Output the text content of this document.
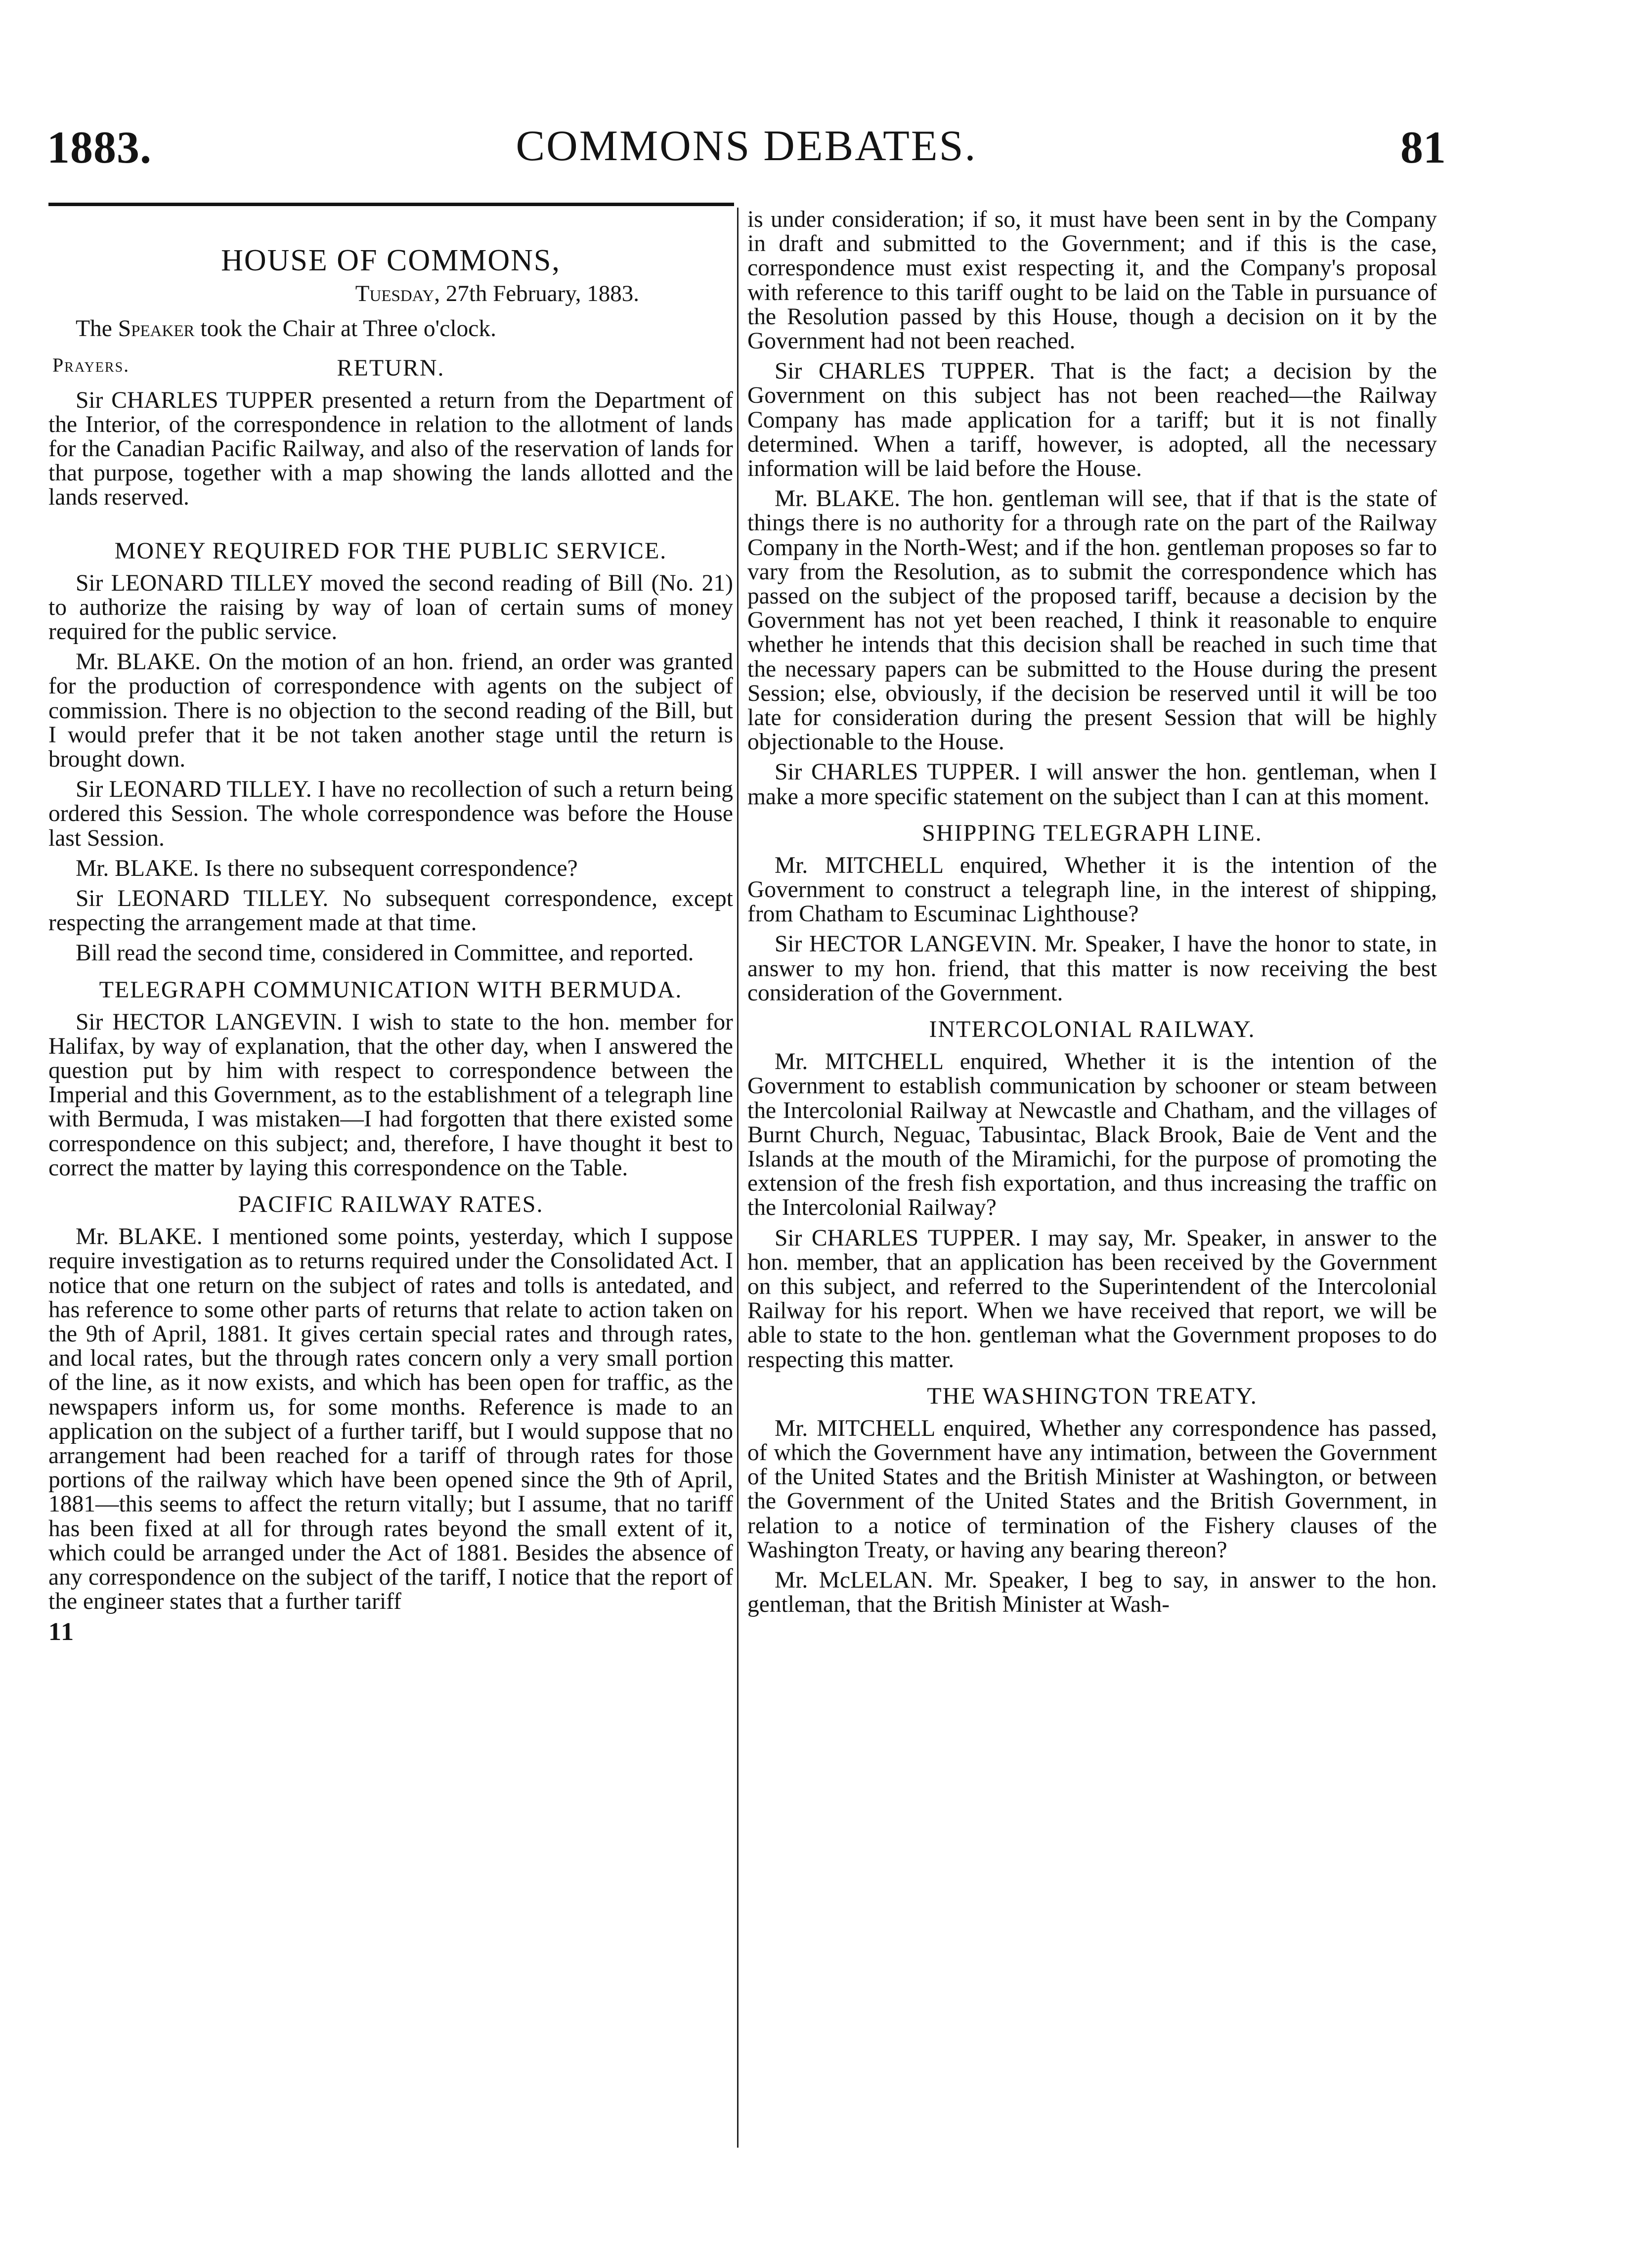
1883.	COMMONS DEBATES.	81
HOUSE OF COMMONS,
Tuesday, 27th February, 1883.

The Speaker took the Chair at Three o'clock.

Prayers.	RETURN.

Sir CHARLES TUPPER presented a return from the Department of the Interior, of the correspondence in relation to the allotment of lands for the Canadian Pacific Railway, and also of the reservation of lands for that purpose, together with a map showing the lands allotted and the lands reserved.

MONEY REQUIRED FOR THE PUBLIC SERVICE.

Sir LEONARD TILLEY moved the second reading of Bill (No. 21) to authorize the raising by way of loan of certain sums of money required for the public service.

Mr. BLAKE. On the motion of an hon. friend, an order was granted for the production of correspondence with agents on the subject of commission. There is no objection to the second reading of the Bill, but I would prefer that it be not taken another stage until the return is brought down.

Sir LEONARD TILLEY. I have no recollection of such a return being ordered this Session. The whole correspondence was before the House last Session.

Mr. BLAKE. Is there no subsequent correspondence?

Sir LEONARD TILLEY. No subsequent correspondence, except respecting the arrangement made at that time.

Bill read the second time, considered in Committee, and reported.

TELEGRAPH COMMUNICATION WITH BERMUDA.

Sir HECTOR LANGEVIN. I wish to state to the hon. member for Halifax, by way of explanation, that the other day, when I answered the question put by him with respect to correspondence between the Imperial and this Government, as to the establishment of a telegraph line with Bermuda, I was mistaken—I had forgotten that there existed some correspondence on this subject; and, therefore, I have thought it best to correct the matter by laying this correspondence on the Table.

PACIFIC RAILWAY RATES.

Mr. BLAKE. I mentioned some points, yesterday, which I suppose require investigation as to returns required under the Consolidated Act. I notice that one return on the subject of rates and tolls is antedated, and has reference to some other parts of returns that relate to action taken on the 9th of April, 1881. It gives certain special rates and through rates, and local rates, but the through rates concern only a very small portion of the line, as it now exists, and which has been open for traffic, as the newspapers inform us, for some months. Reference is made to an application on the subject of a further tariff, but I would suppose that no arrangement had been reached for a tariff of through rates for those portions of the railway which have been opened since the 9th of April, 1881—this seems to affect the return vitally; but I assume, that no tariff has been fixed at all for through rates beyond the small extent of it, which could be arranged under the Act of 1881. Besides the absence of any correspondence on the subject of the tariff, I notice that the report of the engineer states that a further tariff

11

is under consideration; if so, it must have been sent in by the Company in draft and submitted to the Government; and if this is the case, correspondence must exist respecting it, and the Company's proposal with reference to this tariff ought to be laid on the Table in pursuance of the Resolution passed by this House, though a decision on it by the Government had not been reached.

Sir CHARLES TUPPER. That is the fact; a decision by the Government on this subject has not been reached—the Railway Company has made application for a tariff; but it is not finally determined. When a tariff, however, is adopted, all the necessary information will be laid before the House.

Mr. BLAKE. The hon. gentleman will see, that if that is the state of things there is no authority for a through rate on the part of the Railway Company in the North-West; and if the hon. gentleman proposes so far to vary from the Resolution, as to submit the correspondence which has passed on the subject of the proposed tariff, because a decision by the Government has not yet been reached, I think it reasonable to enquire whether he intends that this decision shall be reached in such time that the necessary papers can be submitted to the House during the present Session; else, obviously, if the decision be reserved until it will be too late for consideration during the present Session that will be highly objectionable to the House.

Sir CHARLES TUPPER. I will answer the hon. gentleman, when I make a more specific statement on the subject than I can at this moment.

SHIPPING TELEGRAPH LINE.

Mr. MITCHELL enquired, Whether it is the intention of the Government to construct a telegraph line, in the interest of shipping, from Chatham to Escuminac Lighthouse?

Sir HECTOR LANGEVIN. Mr. Speaker, I have the honor to state, in answer to my hon. friend, that this matter is now receiving the best consideration of the Government.

INTERCOLONIAL RAILWAY.

Mr. MITCHELL enquired, Whether it is the intention of the Government to establish communication by schooner or steam between the Intercolonial Railway at Newcastle and Chatham, and the villages of Burnt Church, Neguac, Tabusintac, Black Brook, Baie de Vent and the Islands at the mouth of the Miramichi, for the purpose of promoting the extension of the fresh fish exportation, and thus increasing the traffic on the Intercolonial Railway?

Sir CHARLES TUPPER. I may say, Mr. Speaker, in answer to the hon. member, that an application has been received by the Government on this subject, and referred to the Superintendent of the Intercolonial Railway for his report. When we have received that report, we will be able to state to the hon. gentleman what the Government proposes to do respecting this matter.

THE WASHINGTON TREATY.

Mr. MITCHELL enquired, Whether any correspondence has passed, of which the Government have any intimation, between the Government of the United States and the British Minister at Washington, or between the Government of the United States and the British Government, in relation to a notice of termination of the Fishery clauses of the Washington Treaty, or having any bearing thereon?

Mr. McLELAN. Mr. Speaker, I beg to say, in answer to the hon. gentleman, that the British Minister at Wash-
